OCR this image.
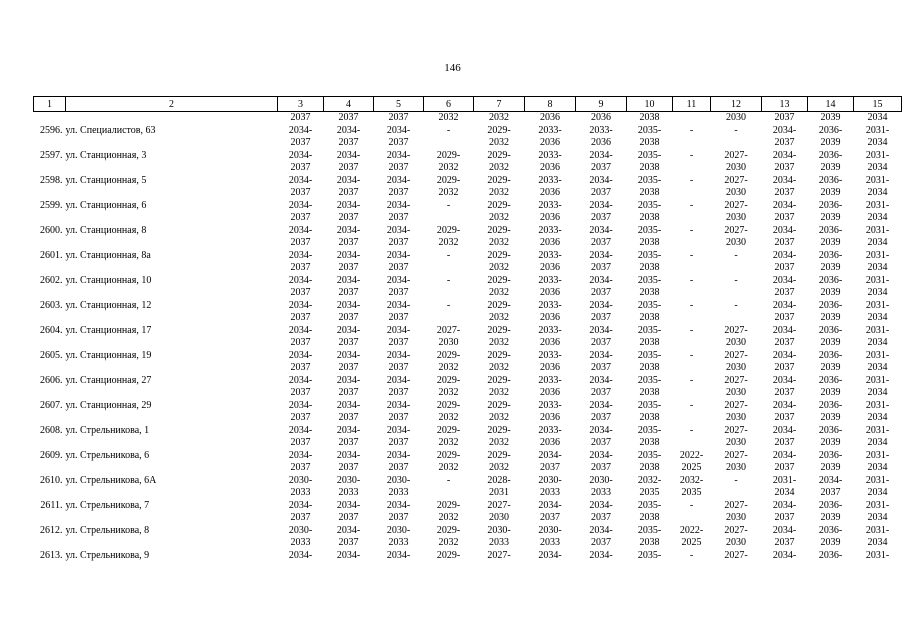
146
1	2	3	4	5	6	7	8	9	10	11	12	13	14	15
		2037	2037	2037	2032	2032	2036	2036	2038		2030	2037	2039	2034
2596.	ул. Специалистов, 63	2034-	2034-	2034-	-	2029-	2033-	2033-	2035-	-	-	2034-	2036-	2031-
		2037	2037	2037		2032	2036	2036	2038			2037	2039	2034
2597.	ул. Станционная, 3	2034-	2034-	2034-	2029-	2029-	2033-	2034-	2035-	-	2027-	2034-	2036-	2031-
		2037	2037	2037	2032	2032	2036	2037	2038		2030	2037	2039	2034
2598.	ул. Станционная, 5	2034-	2034-	2034-	2029-	2029-	2033-	2034-	2035-	-	2027-	2034-	2036-	2031-
		2037	2037	2037	2032	2032	2036	2037	2038		2030	2037	2039	2034
2599.	ул. Станционная, 6	2034-	2034-	2034-	-	2029-	2033-	2034-	2035-	-	2027-	2034-	2036-	2031-
		2037	2037	2037		2032	2036	2037	2038		2030	2037	2039	2034
2600.	ул. Станционная, 8	2034-	2034-	2034-	2029-	2029-	2033-	2034-	2035-	-	2027-	2034-	2036-	2031-
		2037	2037	2037	2032	2032	2036	2037	2038		2030	2037	2039	2034
2601.	ул. Станционная, 8а	2034-	2034-	2034-	-	2029-	2033-	2034-	2035-	-	-	2034-	2036-	2031-
		2037	2037	2037		2032	2036	2037	2038			2037	2039	2034
2602.	ул. Станционная, 10	2034-	2034-	2034-	-	2029-	2033-	2034-	2035-	-	-	2034-	2036-	2031-
		2037	2037	2037		2032	2036	2037	2038			2037	2039	2034
2603.	ул. Станционная, 12	2034-	2034-	2034-	-	2029-	2033-	2034-	2035-	-	-	2034-	2036-	2031-
		2037	2037	2037		2032	2036	2037	2038			2037	2039	2034
2604.	ул. Станционная, 17	2034-	2034-	2034-	2027-	2029-	2033-	2034-	2035-	-	2027-	2034-	2036-	2031-
		2037	2037	2037	2030	2032	2036	2037	2038		2030	2037	2039	2034
2605.	ул. Станционная, 19	2034-	2034-	2034-	2029-	2029-	2033-	2034-	2035-	-	2027-	2034-	2036-	2031-
		2037	2037	2037	2032	2032	2036	2037	2038		2030	2037	2039	2034
2606.	ул. Станционная, 27	2034-	2034-	2034-	2029-	2029-	2033-	2034-	2035-	-	2027-	2034-	2036-	2031-
		2037	2037	2037	2032	2032	2036	2037	2038		2030	2037	2039	2034
2607.	ул. Станционная, 29	2034-	2034-	2034-	2029-	2029-	2033-	2034-	2035-	-	2027-	2034-	2036-	2031-
		2037	2037	2037	2032	2032	2036	2037	2038		2030	2037	2039	2034
2608.	ул. Стрельникова, 1	2034-	2034-	2034-	2029-	2029-	2033-	2034-	2035-	-	2027-	2034-	2036-	2031-
		2037	2037	2037	2032	2032	2036	2037	2038		2030	2037	2039	2034
2609.	ул. Стрельникова, 6	2034-	2034-	2034-	2029-	2029-	2034-	2034-	2035-	2022-	2027-	2034-	2036-	2031-
		2037	2037	2037	2032	2032	2037	2037	2038	2025	2030	2037	2039	2034
2610.	ул. Стрельникова, 6А	2030-	2030-	2030-	-	2028-	2030-	2030-	2032-	2032-	-	2031-	2034-	2031-
		2033	2033	2033		2031	2033	2033	2035	2035		2034	2037	2034
2611.	ул. Стрельникова, 7	2034-	2034-	2034-	2029-	2027-	2034-	2034-	2035-	-	2027-	2034-	2036-	2031-
		2037	2037	2037	2032	2030	2037	2037	2038		2030	2037	2039	2034
2612.	ул. Стрельникова, 8	2030-	2034-	2030-	2029-	2030-	2030-	2034-	2035-	2022-	2027-	2034-	2036-	2031-
		2033	2037	2033	2032	2033	2033	2037	2038	2025	2030	2037	2039	2034
2613.	ул. Стрельникова, 9	2034-	2034-	2034-	2029-	2027-	2034-	2034-	2035-	-	2027-	2034-	2036-	2031-
